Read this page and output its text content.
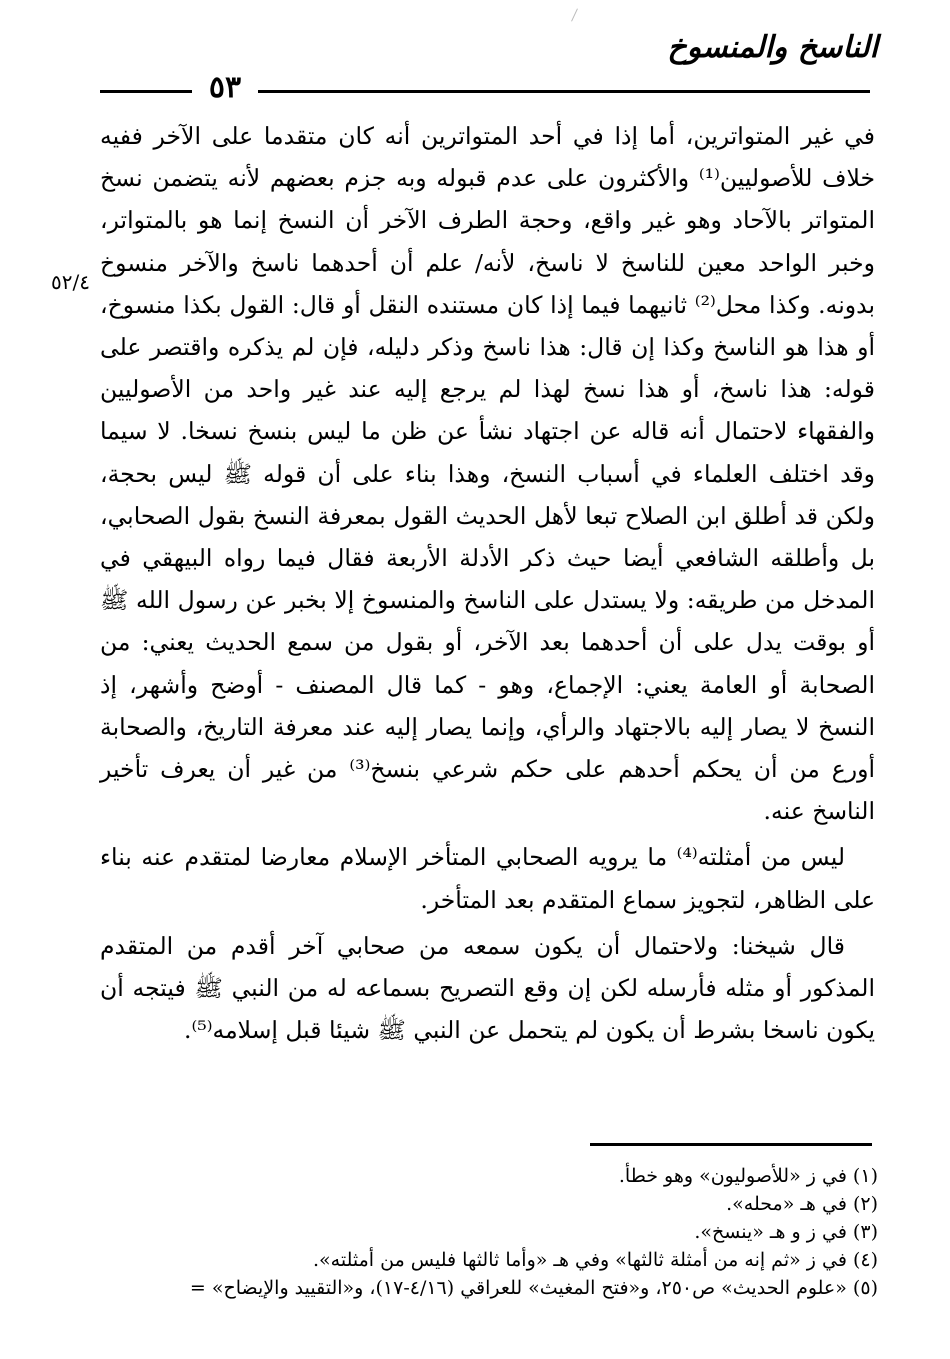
الناسخ والمنسوخ
٥٣
٥٢/٤

في غير المتواترين، أما إذا في أحد المتواترين أنه كان متقدما على الآخر ففيه خلاف للأصوليين⁽¹⁾ والأكثرون على عدم قبوله وبه جزم بعضهم لأنه يتضمن نسخ المتواتر بالآحاد وهو غير واقع، وحجة الطرف الآخر أن النسخ إنما هو بالمتواتر، وخبر الواحد معين للناسخ لا ناسخ، لأنه/ علم أن أحدهما ناسخ والآخر منسوخ بدونه. وكذا محل⁽²⁾ ثانيهما فيما إذا كان مستنده النقل أو قال: القول بكذا منسوخ، أو هذا هو الناسخ وكذا إن قال: هذا ناسخ وذكر دليله، فإن لم يذكره واقتصر على قوله: هذا ناسخ، أو هذا نسخ لهذا لم يرجع إليه عند غير واحد من الأصوليين والفقهاء لاحتمال أنه قاله عن اجتهاد نشأ عن ظن ما ليس بنسخ نسخا. لا سيما وقد اختلف العلماء في أسباب النسخ، وهذا بناء على أن قوله ﷺ ليس بحجة، ولكن قد أطلق ابن الصلاح تبعا لأهل الحديث القول بمعرفة النسخ بقول الصحابي، بل وأطلقه الشافعي أيضا حيث ذكر الأدلة الأربعة فقال فيما رواه البيهقي في المدخل من طريقه: ولا يستدل على الناسخ والمنسوخ إلا بخبر عن رسول الله ﷺ أو بوقت يدل على أن أحدهما بعد الآخر، أو بقول من سمع الحديث يعني: من الصحابة أو العامة يعني: الإجماع، وهو - كما قال المصنف - أوضح وأشهر، إذ النسخ لا يصار إليه بالاجتهاد والرأي، وإنما يصار إليه عند معرفة التاريخ، والصحابة أورع من أن يحكم أحدهم على حكم شرعي بنسخ⁽³⁾ من غير أن يعرف تأخير الناسخ عنه.

ليس من أمثلته⁽⁴⁾ ما يرويه الصحابي المتأخر الإسلام معارضا لمتقدم عنه بناء على الظاهر، لتجويز سماع المتقدم بعد المتأخر.

قال شيخنا: ولاحتمال أن يكون سمعه من صحابي آخر أقدم من المتقدم المذكور أو مثله فأرسله لكن إن وقع التصريح بسماعه له من النبي ﷺ فيتجه أن يكون ناسخا بشرط أن يكون لم يتحمل عن النبي ﷺ شيئا قبل إسلامه⁽⁵⁾.

(١) في ز «للأصوليون» وهو خطأ.
(٢) في هـ «محله».
(٣) في ز و هـ «ينسخ».
(٤) في ز «ثم إنه من أمثلة ثالثها» وفي هـ «وأما ثالثها فليس من أمثلته».
(٥) «علوم الحديث» ص٢٥٠، و«فتح المغيث» للعراقي (٤/١٦-١٧)، و«التقييد والإيضاح» =
